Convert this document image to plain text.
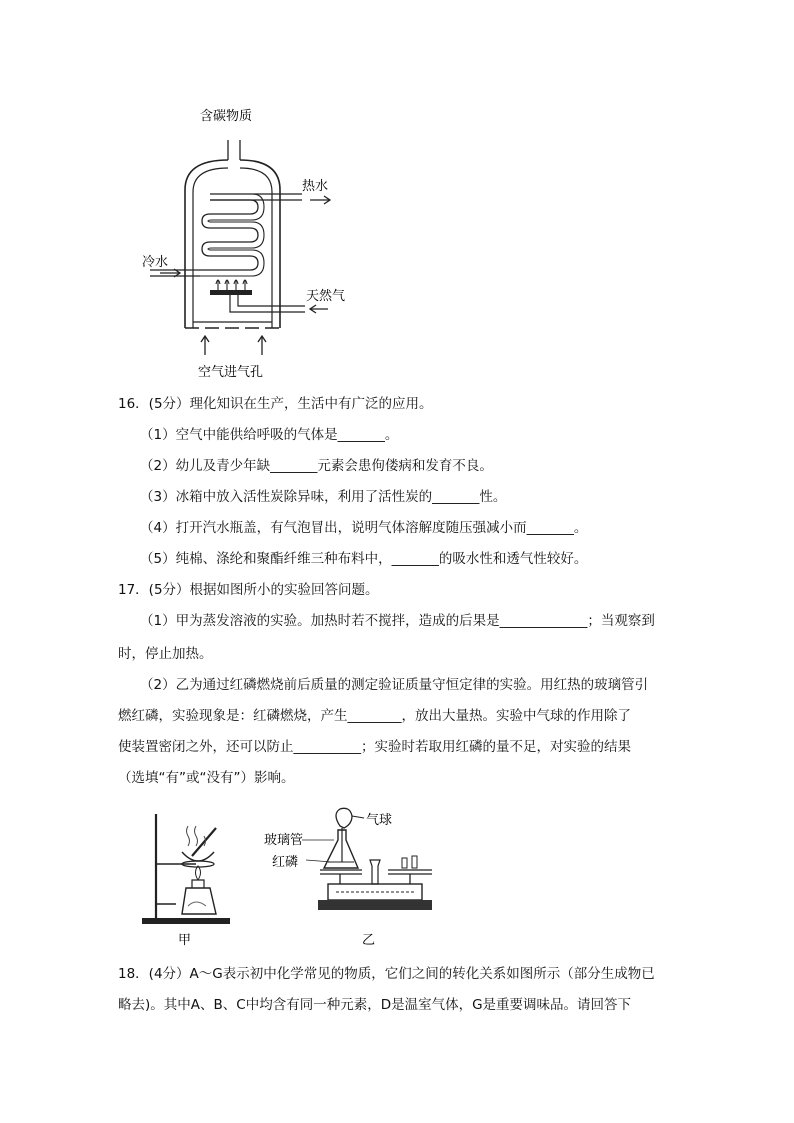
含碳物质
热水
冷水
天然气
空气进气孔
16．(5分）理化知识在生产，生活中有广泛的应用。
（1）空气中能供给呼吸的气体是_______。
（2）幼儿及青少年缺_______元素会患佝偻病和发育不良。
（3）冰箱中放入活性炭除异味，利用了活性炭的_______性。
（4）打开汽水瓶盖，有气泡冒出，说明气体溶解度随压强减小而_______。
（5）纯棉、涤纶和聚酯纤维三种布料中，_______的吸水性和透气性较好。
17．(5分）根据如图所小的实验回答问题。
（1）甲为蒸发溶液的实验。加热时若不搅拌，造成的后果是_____________；当观察到
时，停止加热。
（2）乙为通过红磷燃烧前后质量的测定验证质量守恒定律的实验。用红热的玻璃管引
燃红磷，实验现象是：红磷燃烧，产生________，放出大量热。实验中气球的作用除了
使装置密闭之外，还可以防止__________；实验时若取用红磷的量不足，对实验的结果
（选填“有”或“没有”）影响。
甲
气球
玻璃管
红磷
乙
18．(4分）A～G表示初中化学常见的物质，它们之间的转化关系如图所示（部分生成物已
略去)。其中A、B、C中均含有同一种元素，D是温室气体，G是重要调味品。请回答下
